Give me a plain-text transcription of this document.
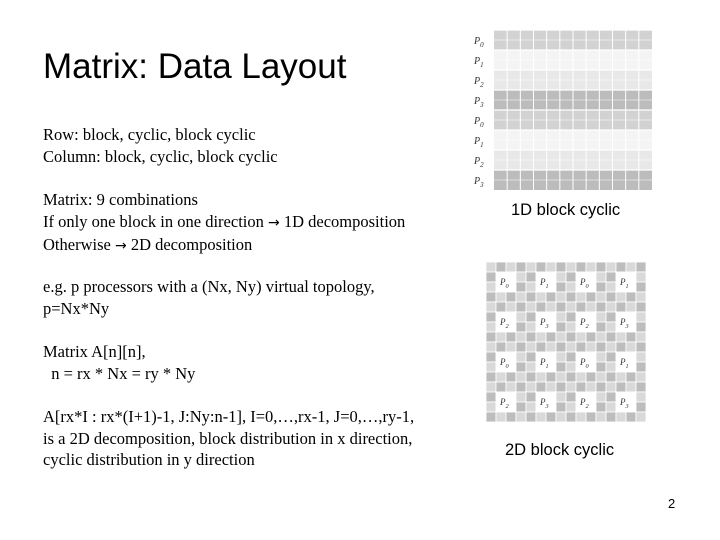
Matrix: Data Layout
Row: block, cyclic, block cyclic
Column: block, cyclic, block cyclic
Matrix: 9 combinations
If only one block in one direction → 1D decomposition
Otherwise → 2D decomposition
e.g. p processors with a (Nx, Ny) virtual topology,
p=Nx*Ny
Matrix A[n][n],
n = rx * Nx = ry * Ny
A[rx*I : rx*(I+1)-1, J:Ny:n-1], I=0,…,rx-1, J=0,…,ry-1,
is a 2D decomposition, block distribution in x direction,
cyclic distribution in y direction
$P_0$
$P_1$
$P_2$
$P_3$
$P_0$
$P_1$
$P_2$
$P_3$
1D block cyclic
$P_0$	$P_1$	$P_0$	$P_1$
$P_2$	$P_3$	$P_2$	$P_3$
$P_0$	$P_1$	$P_0$	$P_1$
$P_2$	$P_3$	$P_2$	$P_3$
2D block cyclic
2
